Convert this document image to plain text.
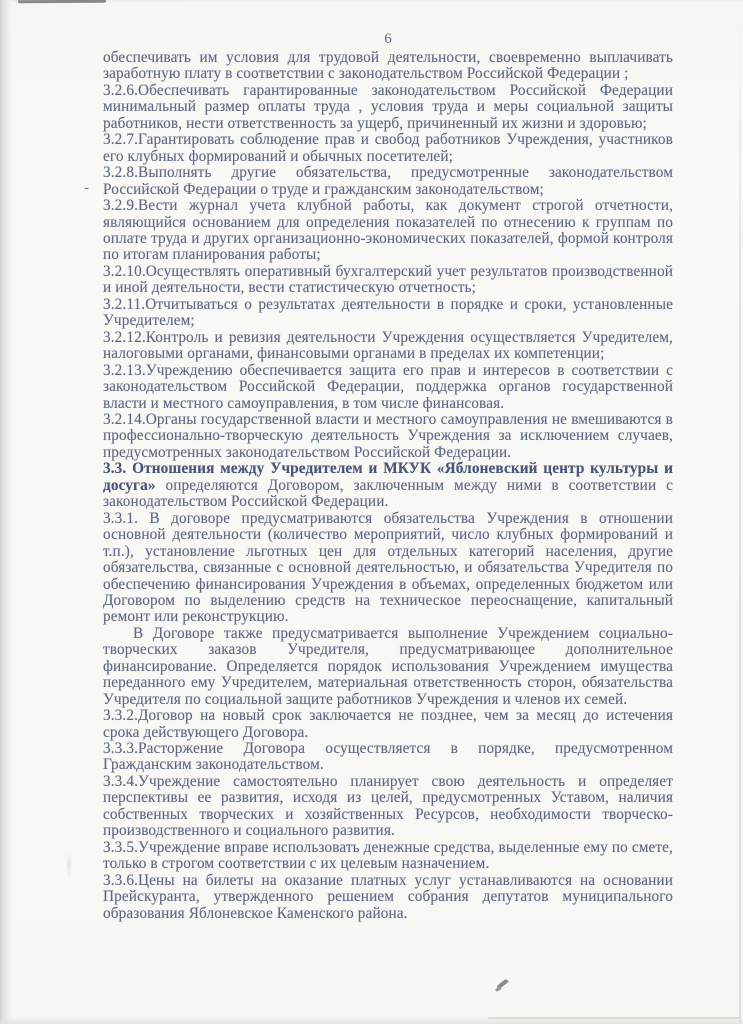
6
-

обеспечивать им условия для трудовой деятельности, своевременно выплачивать заработную плату в соответствии с законодательством Российской Федерации ;

3.2.6.Обеспечивать гарантированные законодательством Российской Федерации минимальный размер оплаты труда , условия труда и меры социальной защиты работников, нести ответственность за ущерб, причиненный их жизни и здоровью;

3.2.7.Гарантировать соблюдение прав и свобод работников Учреждения, участников его клубных формирований и обычных посетителей;

3.2.8.Выполнять другие обязательства, предусмотренные законодательством Российской Федерации о труде и гражданским законодательством;

3.2.9.Вести журнал учета клубной работы, как документ строгой отчетности, являющийся основанием для определения показателей по отнесению к группам по оплате труда и других организационно-экономических показателей, формой контроля по итогам планирования работы;

3.2.10.Осуществлять оперативный бухгалтерский учет результатов производственной и иной деятельности, вести статистическую отчетность;

3.2.11.Отчитываться о результатах деятельности в порядке и сроки, установленные Учредителем;

3.2.12.Контроль и ревизия деятельности Учреждения осуществляется Учредителем, налоговыми органами, финансовыми органами в пределах их компетенции;

3.2.13.Учреждению обеспечивается защита его прав и интересов в соответствии с законодательством Российской Федерации, поддержка органов государственной власти и местного самоуправления, в том числе финансовая.

3.2.14.Органы государственной власти и местного самоуправления не вмешиваются в профессионально-творческую деятельность Учреждения за исключением случаев, предусмотренных законодательством Российской Федерации.

3.3. Отношения между Учредителем и МКУК «Яблоневский центр культуры и досуга» определяются Договором, заключенным между ними в соответствии с законодательством Российской Федерации.

3.3.1. В договоре предусматриваются обязательства Учреждения в отношении основной деятельности (количество мероприятий, число клубных формирований и т.п.), установление льготных цен для отдельных категорий населения, другие обязательства, связанные с основной деятельностью, и обязательства Учредителя по обеспечению финансирования Учреждения в объемах, определенных бюджетом или Договором по выделению средств на техническое переоснащение, капитальный ремонт или реконструкцию.

В Договоре также предусматривается выполнение Учреждением социально-творческих заказов Учредителя, предусматривающее дополнительное финансирование. Определяется порядок использования Учреждением имущества переданного ему Учредителем, материальная ответственность сторон, обязательства Учредителя по социальной защите работников Учреждения и членов их семей.

3.3.2.Договор на новый срок заключается не позднее, чем за месяц до истечения срока действующего Договора.

3.3.3.Расторжение Договора осуществляется в порядке, предусмотренном Гражданским законодательством.

3.3.4.Учреждение самостоятельно планирует свою деятельность и определяет перспективы ее развития, исходя из целей, предусмотренных Уставом, наличия собственных творческих и хозяйственных Ресурсов, необходимости творческо-производственного и социального развития.

3.3.5.Учреждение вправе использовать денежные средства, выделенные ему по смете, только в строгом соответствии с их целевым назначением.

3.3.6.Цены на билеты на оказание платных услуг устанавливаются на основании Прейскуранта, утвержденного решением собрания депутатов муниципального образования Яблоневское Каменского района.
